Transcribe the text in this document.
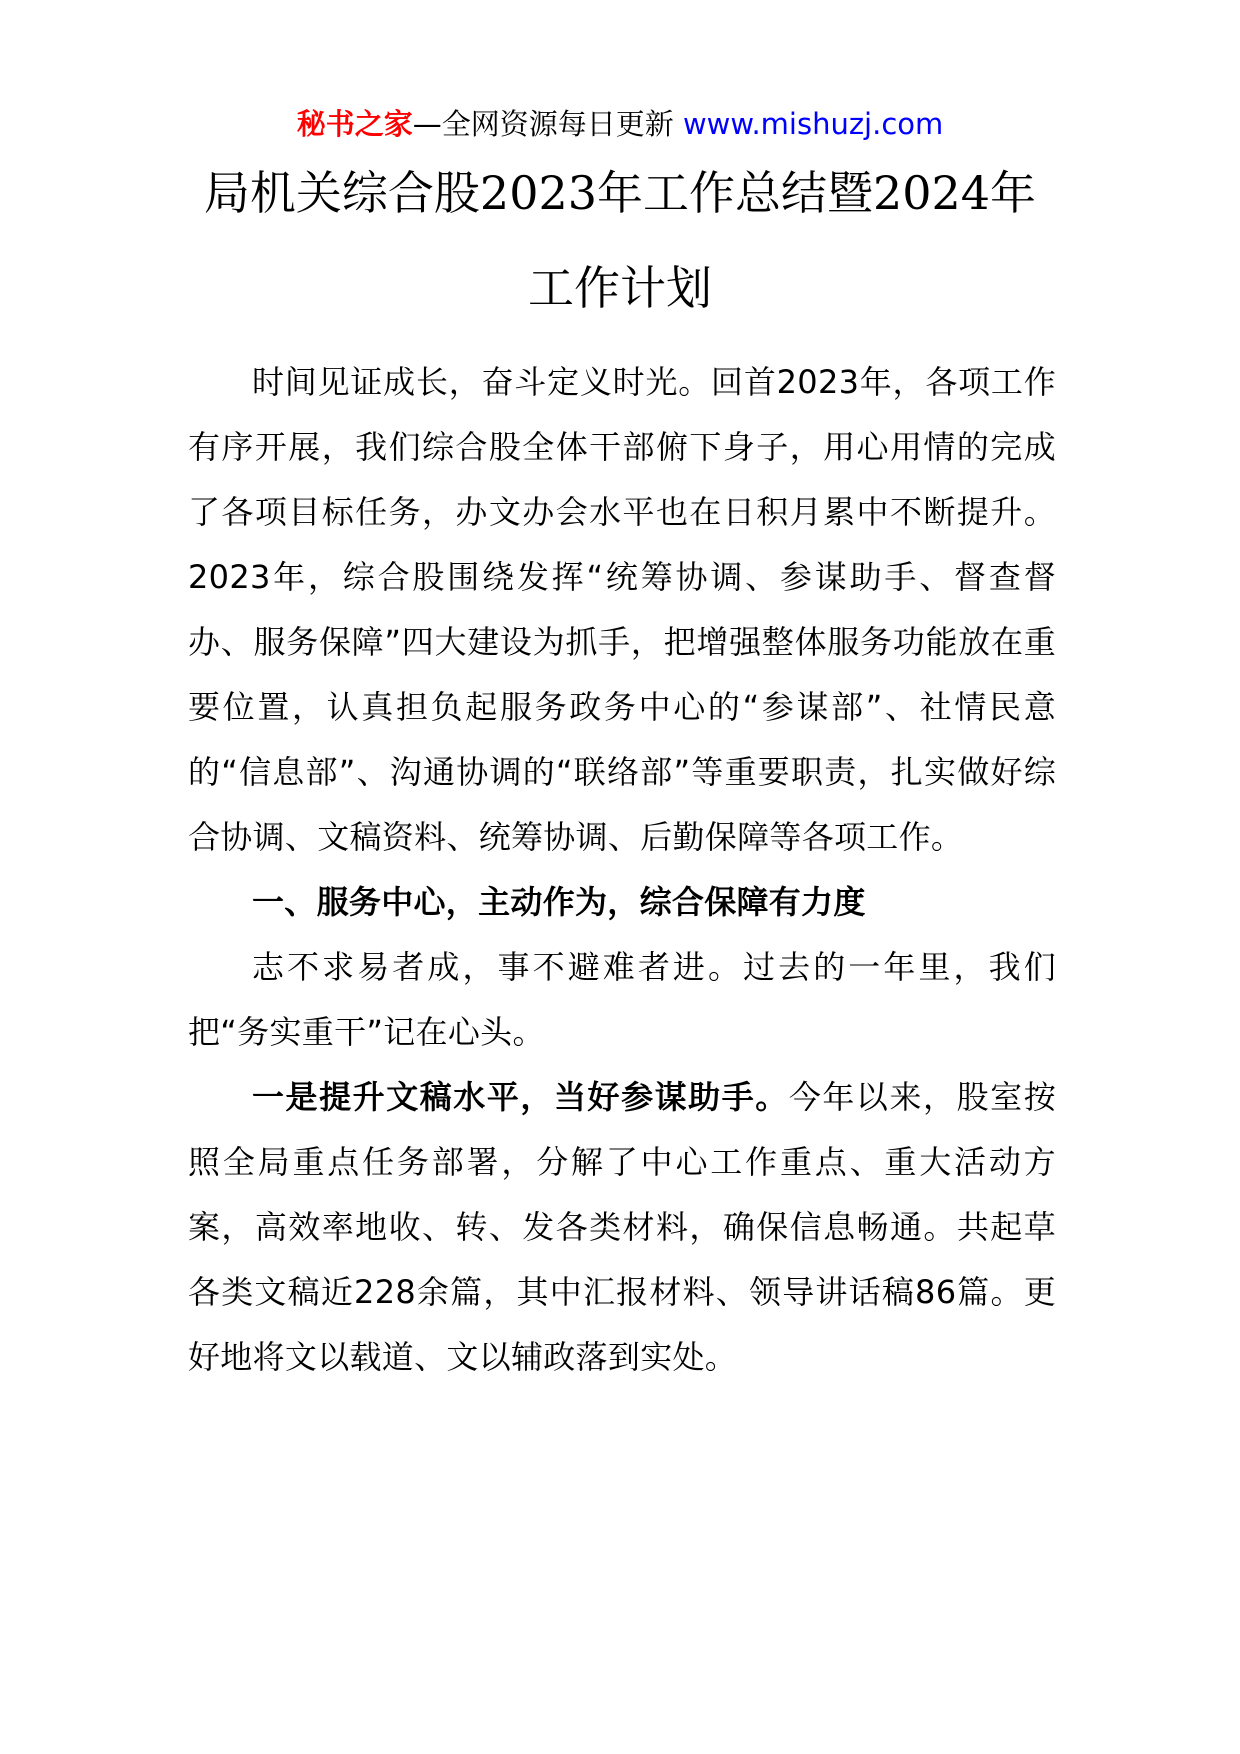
秘书之家—全网资源每日更新 www.mishuzj.com
局机关综合股2023年工作总结暨2024年
工作计划

时间见证成长，奋斗定义时光。回首2023年，各项工作有序开展，我们综合股全体干部俯下身子，用心用情的完成了各项目标任务，办文办会水平也在日积月累中不断提升。2023年，综合股围绕发挥“统筹协调、参谋助手、督查督办、服务保障”四大建设为抓手，把增强整体服务功能放在重要位置，认真担负起服务政务中心的“参谋部”、社情民意的“信息部”、沟通协调的“联络部”等重要职责，扎实做好综合协调、文稿资料、统筹协调、后勤保障等各项工作。

一、服务中心，主动作为，综合保障有力度

志不求易者成，事不避难者进。过去的一年里，我们把“务实重干”记在心头。

一是提升文稿水平，当好参谋助手。今年以来，股室按照全局重点任务部署，分解了中心工作重点、重大活动方案，高效率地收、转、发各类材料，确保信息畅通。共起草各类文稿近228余篇，其中汇报材料、领导讲话稿86篇。更好地将文以载道、文以辅政落到实处。
